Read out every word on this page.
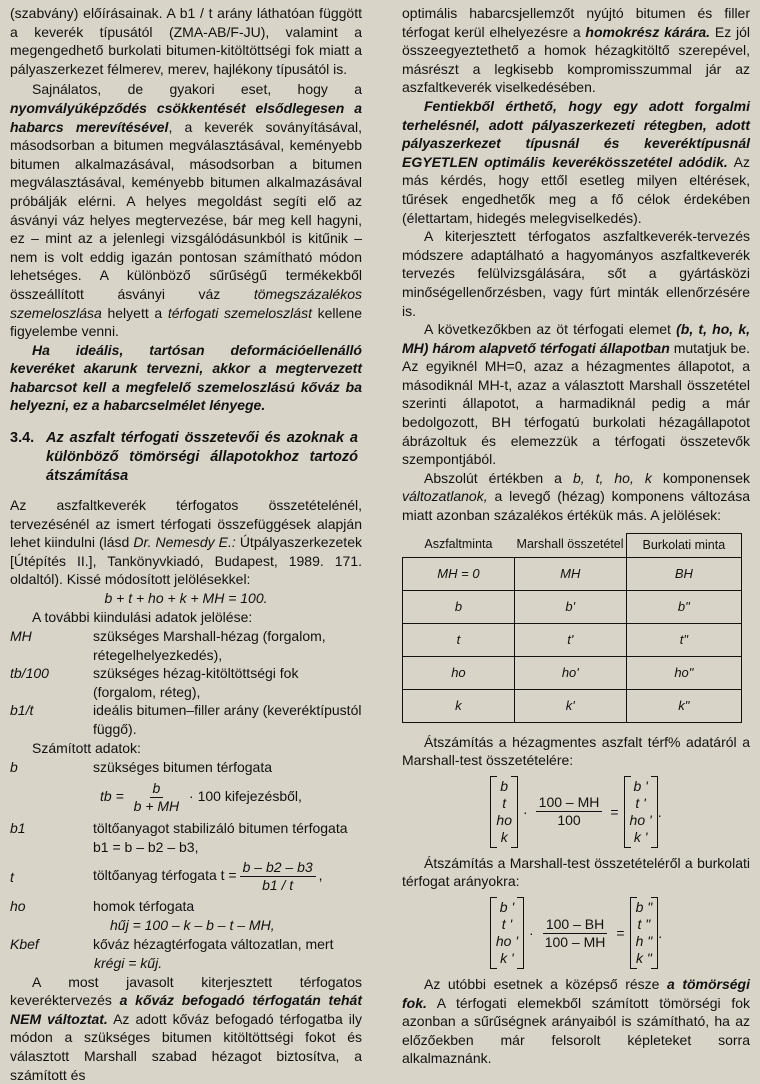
(szabvány) előírásainak. A b1 / t arány láthatóan függött a keverék típusától (ZMA-AB/F-JU), valamint a megengedhető burkolati bitumen-kitöltöttségi fok miatt a pályaszerkezet félmerev, merev, hajlékony típusától is.

Sajnálatos, de gyakori eset, hogy a nyomvályúképződés csökkentését elsődlegesen a habarcs merevítésével, a keverék soványításával, másodsorban a bitumen megválasztásával, keményebb bitumen alkalmazásával, másodsorban a bitumen megválasztásával, keményebb bitumen alkalmazásával próbálják elérni. A helyes megoldást segíti elő az ásványi váz helyes megtervezése, bár meg kell hagyni, ez – mint az a jelenlegi vizsgálódásunkból is kitűnik – nem is volt eddig igazán pontosan számítható módon lehetséges. A különböző sűrűségű termékekből összeállított ásványi váz tömegszázalékos szemeloszlása helyett a térfogati szemeloszlást kellene figyelembe venni.

Ha ideális, tartósan deformációellenálló keveréket akarunk tervezni, akkor a megtervezett habarcsot kell a megfelelő szemeloszlású kőváz ba helyezni, ez a habarcselmélet lényege.

3.4. Az aszfalt térfogati összetevői és azoknak a különböző tömörségi állapotokhoz tartozó átszámítása

Az aszfaltkeverék térfogatos összetételénél, tervezésénél az ismert térfogati összefüggések alapján lehet kiindulni (lásd Dr. Nemesdy E.: Útpályaszerkezetek [Útépítés II.], Tankönyvkiadó, Budapest, 1989. 171. oldaltól). Kissé módosított jelölésekkel:

b + t + ho + k + MH = 100.
A további kiindulási adatok jelölése:
MH	szükséges Marshall-hézag (forgalom, rétegelhelyezkedés),
tb/100	szükséges hézag-kitöltöttségi fok (forgalom, réteg),
b1/t	ideális bitumen–filler arány (keveréktípustól függő).
Számított adatok:
b	szükséges bitumen térfogata
tb = $\frac{b}{b + MH} \cdot 100$ kifejezésből,
b1	töltőanyagot stabilizáló bitumen térfogata b1 = b – b2 – b3,
t	töltőanyag térfogata $t = \frac{b - b2 - b3}{b1 / t}$ ,
ho	homok térfogata
hűj = 100 – k – b – t – MH,
Kbef	kőváz hézagtérfogata változatlan, mert
krégi = kűj.

A most javasolt kiterjesztett térfogatos keveréktervezés a kőváz befogadó térfogatán tehát NEM változtat. Az adott kőváz befogadó térfogatba ily módon a szükséges bitumen kitöltöttségi fokot és választott Marshall szabad hézagot biztosítva, a számított és

optimális habarcsjellemzőt nyújtó bitumen és filler térfogat kerül elhelyezésre a homokrész kárára. Ez jól összeegyeztethető a homok hézagkitöltő szerepével, másrészt a legkisebb kompromisszummal jár az aszfaltkeverék viselkedésében.

Fentiekből érthető, hogy egy adott forgalmi terhelésnél, adott pályaszerkezeti rétegben, adott pályaszerkezet típusnál és keveréktípusnál EGYETLEN optimális keverékösszetétel adódik. Az más kérdés, hogy ettől esetleg milyen eltérések, tűrések engedhetők meg a fő célok érdekében (élettartam, hidegés melegviselkedés).

A kiterjesztett térfogatos aszfaltkeverék-tervezés módszere adaptálható a hagyományos aszfaltkeverék tervezés felülvizsgálására, sőt a gyártásközi minőségellenőrzésben, vagy fúrt minták ellenőrzésére is.

A következőkben az öt térfogati elemet (b, t, ho, k, MH) három alapvető térfogati állapotban mutatjuk be. Az egyiknél MH=0, azaz a hézagmentes állapotot, a másodiknál MH-t, azaz a választott Marshall összetétel szerinti állapotot, a harmadiknál pedig a már bedolgozott, BH térfogatú burkolati hézagállapotot ábrázoltuk és elemezzük a térfogati összetevők szempontjából.

Abszolút értékben a b, t, ho, k komponensek változatlanok, a levegő (hézag) komponens változása miatt azonban százalékos értékük más. A jelölések:

Aszfaltminta	Marshall összetétel	Burkolati minta
MH = 0	MH	BH
b	b'	b"
t	t'	t"
ho	ho'	ho"
k	k'	k"

Átszámítás a hézagmentes aszfalt térf% adatáról a Marshall-test összetételére:

b
t
ho
k
· $\frac{100 - MH}{100}$ =
b '
t '
ho '
k '
.

Átszámítás a Marshall-test összetételéről a burkolati térfogat arányokra:

b '
t '
ho '
k '
· $\frac{100 - BH}{100 - MH}$ =
b "
t "
h "
k "
.

Az utóbbi esetnek a középső része a tömörségi fok. A térfogati elemekből számított tömörségi fok azonban a sűrűségnek arányaiból is számítható, ha az előzőekben már felsorolt képleteket sorra alkalmaznánk.
